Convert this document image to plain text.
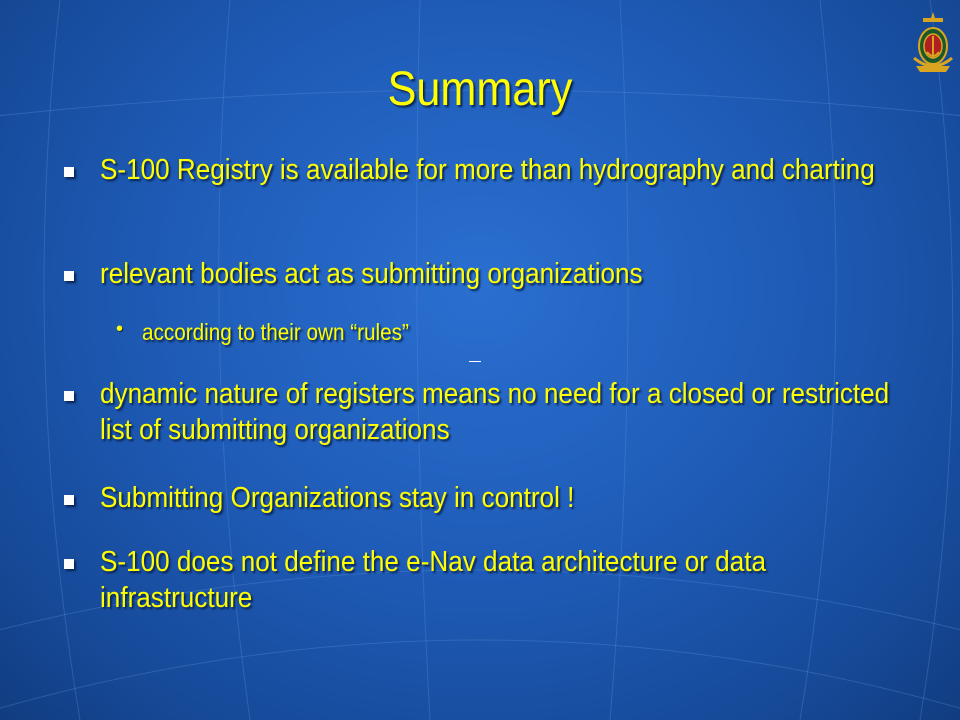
Summary
S-100 Registry is available for more than hydrography and charting
relevant bodies act as submitting organizations
• according to their own “rules”
dynamic nature of registers means no need for a closed or restricted list of submitting organizations
Submitting Organizations stay in control !
S-100 does not define the e-Nav data architecture or data infrastructure
